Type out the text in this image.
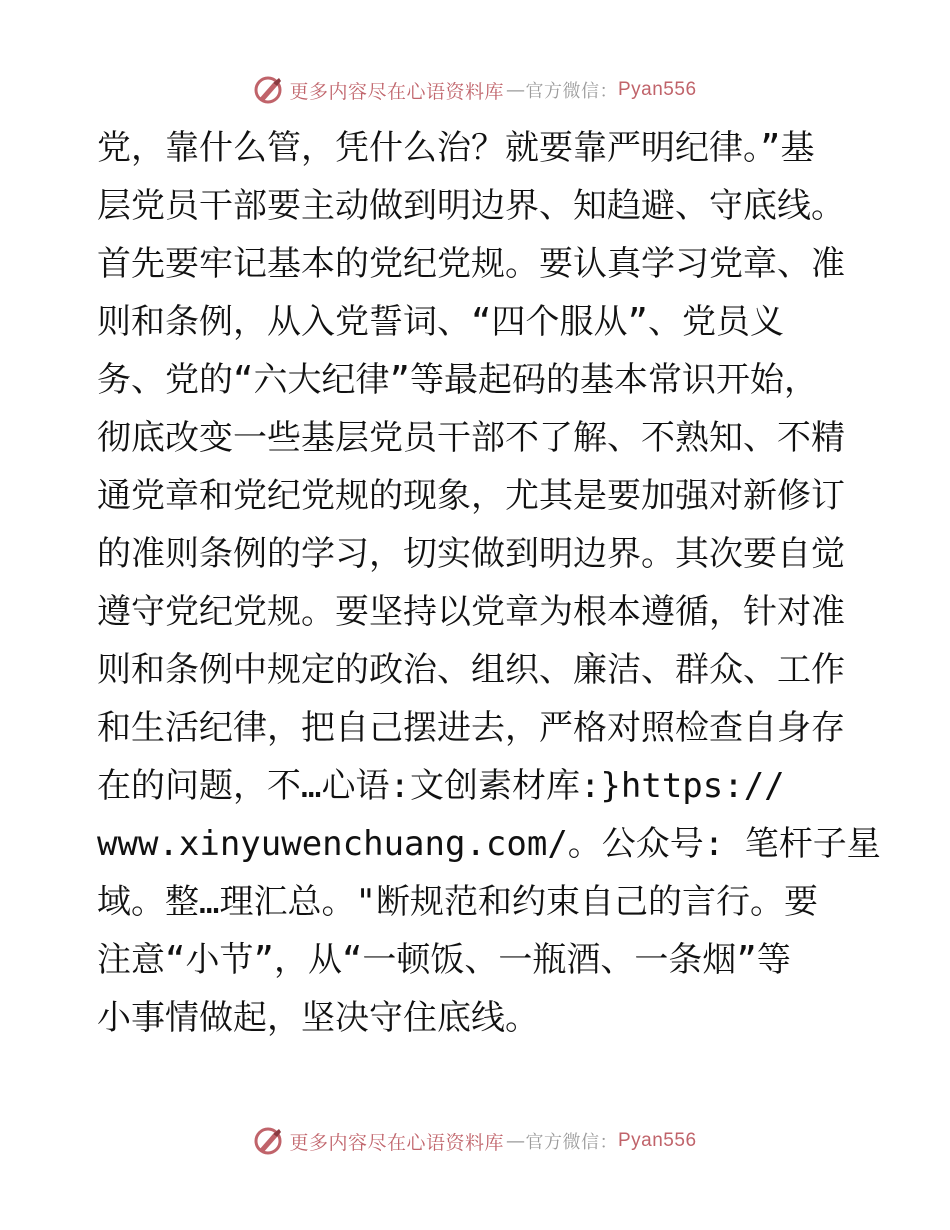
更多内容尽在心语资料库 — 官方微信： Pyan556
党，靠什么管，凭什么治？就要靠严明纪律。”基
层党员干部要主动做到明边界、知趋避、守底线。
首先要牢记基本的党纪党规。要认真学习党章、准
则和条例，从入党誓词、“四个服从”、党员义
务、党的“六大纪律”等最起码的基本常识开始，
彻底改变一些基层党员干部不了解、不熟知、不精
通党章和党纪党规的现象，尤其是要加强对新修订
的准则条例的学习，切实做到明边界。其次要自觉
遵守党纪党规。要坚持以党章为根本遵循，针对准
则和条例中规定的政治、组织、廉洁、群众、工作
和生活纪律，把自己摆进去，严格对照检查自身存
在的问题，不…心语:文创素材库:}https://
www.xinyuwenchuang.com/。公众号: 笔杆子星
域。整…理汇总。"断规范和约束自己的言行。要
注意“小节”，从“一顿饭、一瓶酒、一条烟”等
小事情做起，坚决守住底线。
更多内容尽在心语资料库 — 官方微信： Pyan556
